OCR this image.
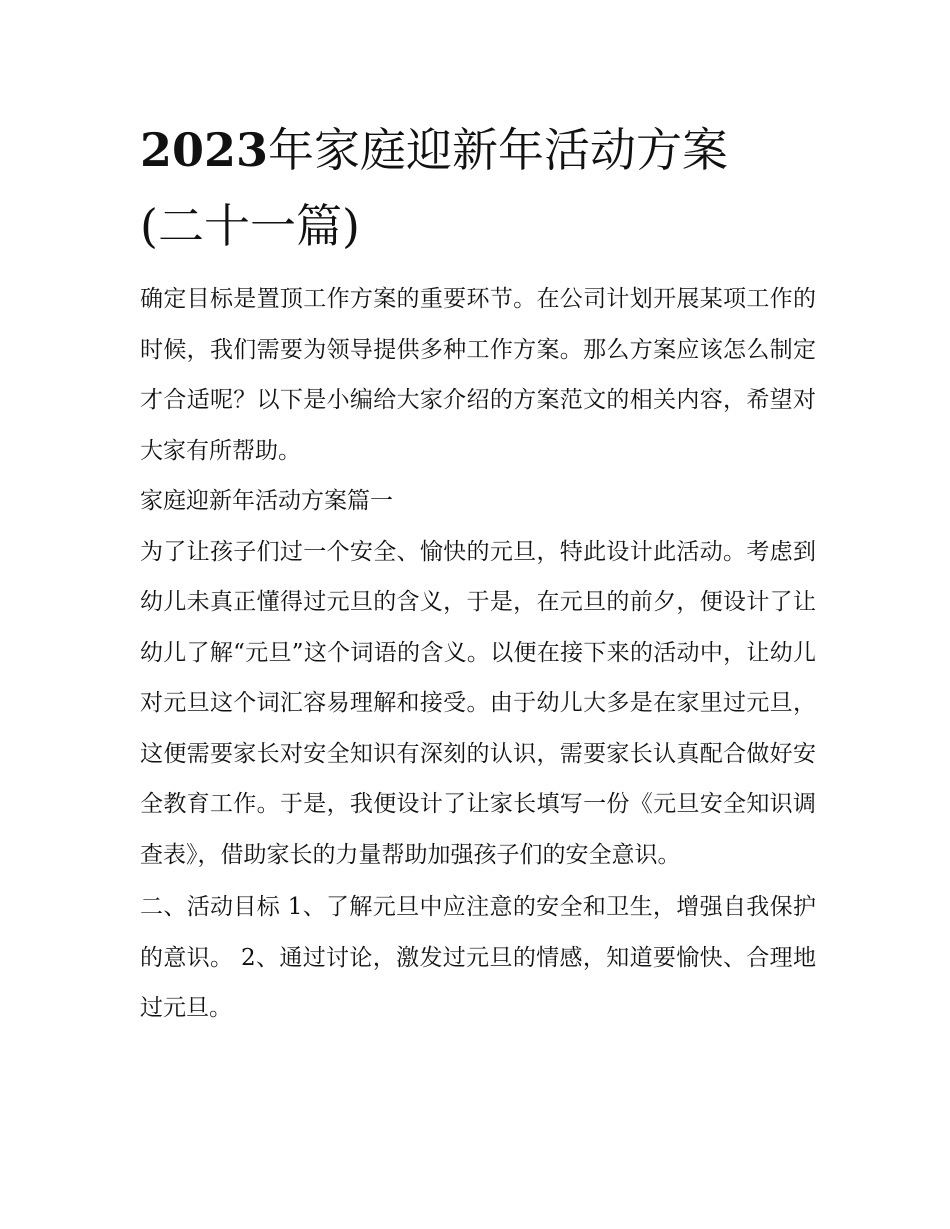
2023年家庭迎新年活动方案
(二十一篇)

确定目标是置顶工作方案的重要环节。在公司计划开展某项工作的时候，我们需要为领导提供多种工作方案。那么方案应该怎么制定才合适呢？以下是小编给大家介绍的方案范文的相关内容，希望对大家有所帮助。

家庭迎新年活动方案篇一

为了让孩子们过一个安全、愉快的元旦，特此设计此活动。考虑到幼儿未真正懂得过元旦的含义，于是，在元旦的前夕，便设计了让幼儿了解“元旦”这个词语的含义。以便在接下来的活动中，让幼儿对元旦这个词汇容易理解和接受。由于幼儿大多是在家里过元旦，这便需要家长对安全知识有深刻的认识，需要家长认真配合做好安全教育工作。于是，我便设计了让家长填写一份《元旦安全知识调查表》，借助家长的力量帮助加强孩子们的安全意识。

二、活动目标 1、了解元旦中应注意的安全和卫生，增强自我保护的意识。 2、通过讨论，激发过元旦的情感，知道要愉快、合理地过元旦。
